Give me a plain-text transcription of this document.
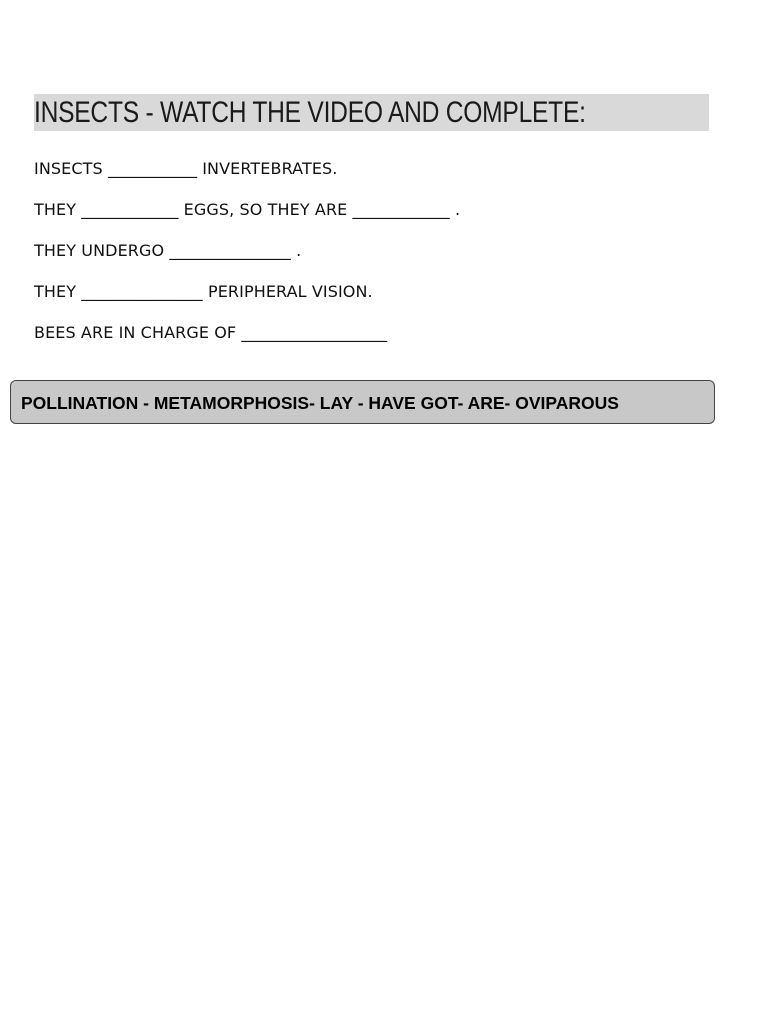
INSECTS - WATCH THE VIDEO AND COMPLETE:
INSECTS ___________ INVERTEBRATES.
THEY ____________ EGGS, SO THEY ARE ____________ .
THEY UNDERGO _______________ .
THEY _______________ PERIPHERAL VISION.
BEES ARE IN CHARGE OF __________________
POLLINATION - METAMORPHOSIS- LAY - HAVE GOT- ARE- OVIPAROUS
